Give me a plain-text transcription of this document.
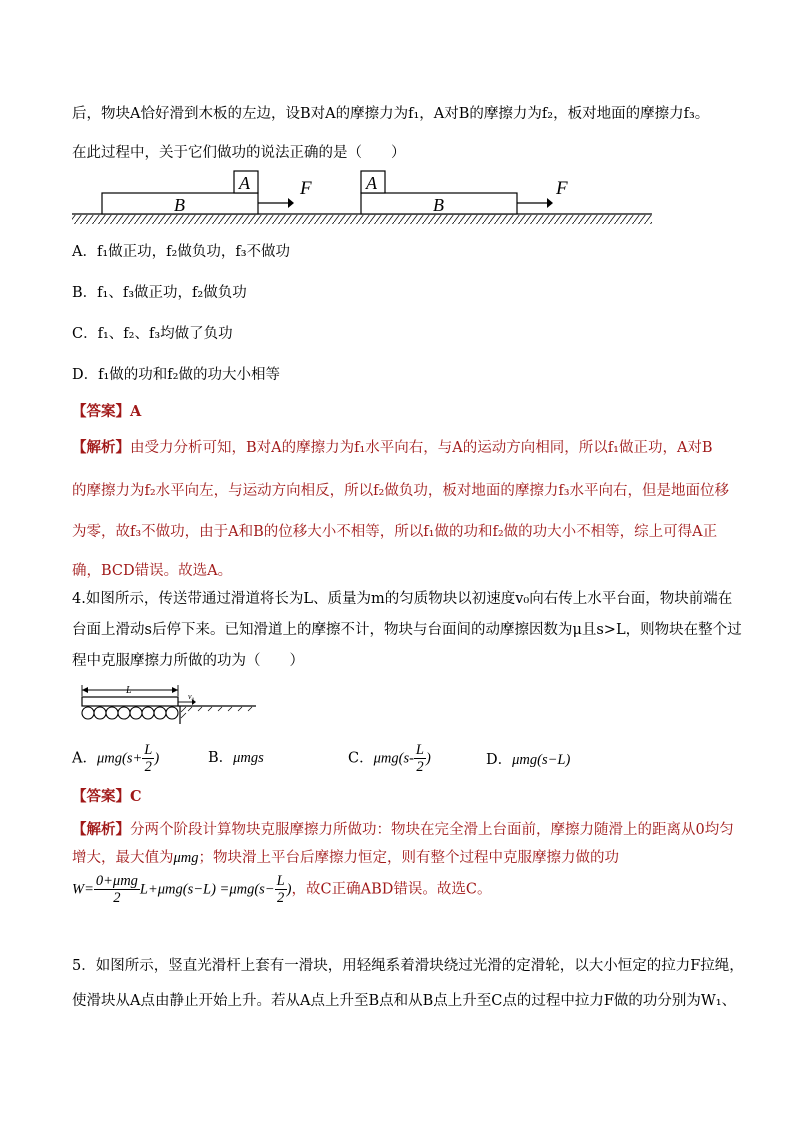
后，物块A恰好滑到木板的左边，设B对A的摩擦力为f₁，A对B的摩擦力为f₂，板对地面的摩擦力f₃。
在此过程中，关于它们做功的说法正确的是（　　）
A
B
F	A
B
F
A．f₁做正功，f₂做负功，f₃不做功
B．f₁、f₃做正功，f₂做负功
C．f₁、f₂、f₃均做了负功
D．f₁做的功和f₂做的功大小相等
【答案】A
【解析】由受力分析可知，B对A的摩擦力为f₁水平向右，与A的运动方向相同，所以f₁做正功，A对B
的摩擦力为f₂水平向左，与运动方向相反，所以f₂做负功，板对地面的摩擦力f₃水平向右，但是地面位移
为零，故f₃不做功，由于A和B的位移大小不相等，所以f₁做的功和f₂做的功大小不相等，综上可得A正
确，BCD错误。故选A。
4.如图所示，传送带通过滑道将长为L、质量为m的匀质物块以初速度v₀向右传上水平台面，物块前端在
台面上滑动s后停下来。已知滑道上的摩擦不计，物块与台面间的动摩擦因数为μ且s>L，则物块在整个过
程中克服摩擦力所做的功为（　　）
L
v₀
A．$\mu mg(s+ \frac{L}{2}$ )	B．μmgs	C．$\mu mg(s- \frac{L}{2}$ )	D．μmg(s−L)
【答案】C
【解析】分两个阶段计算物块克服摩擦力所做功：物块在完全滑上台面前，摩擦力随滑上的距离从0均匀
增大，最大值为μmg；物块滑上平台后摩擦力恒定，则有整个过程中克服摩擦力做的功
$W= \frac{\text{0+μmg}}{2} L+\mu mg(s-L) =\mu mg(s- \frac{L}{2}$ )，故C正确ABD错误。故选C。
5．如图所示，竖直光滑杆上套有一滑块，用轻绳系着滑块绕过光滑的定滑轮，以大小恒定的拉力F拉绳，
使滑块从A点由静止开始上升。若从A点上升至B点和从B点上升至C点的过程中拉力F做的功分别为W₁、
